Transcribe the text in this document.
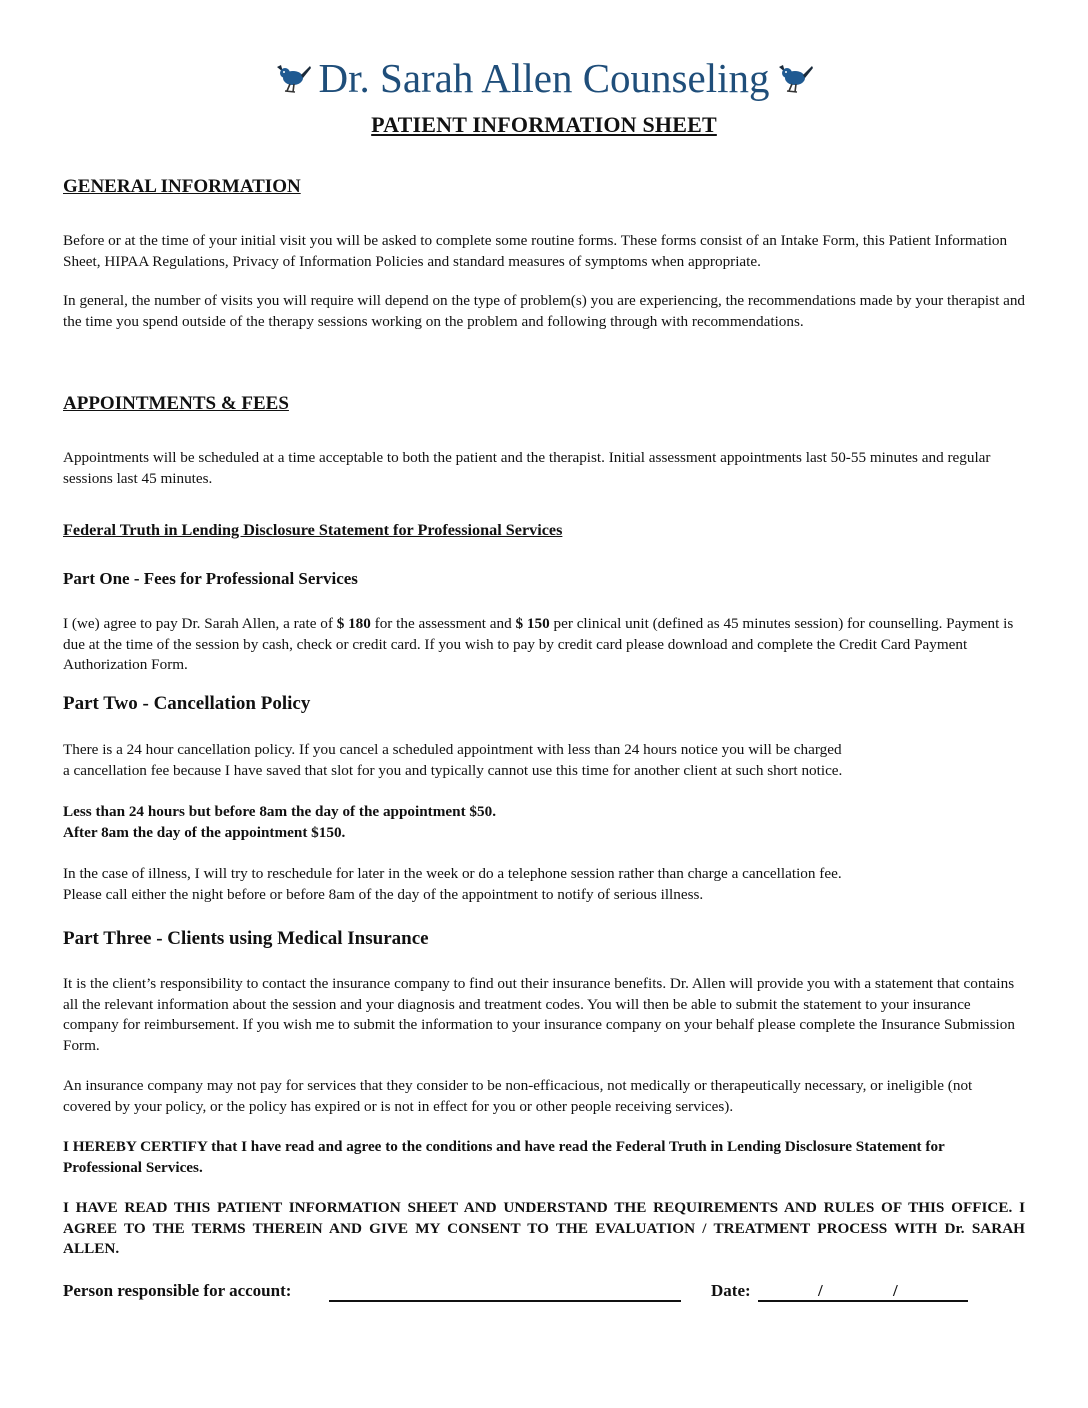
Dr. Sarah Allen Counseling
PATIENT INFORMATION SHEET
GENERAL INFORMATION
Before or at the time of your initial visit you will be asked to complete some routine forms. These forms consist of an Intake Form, this Patient Information Sheet, HIPAA Regulations, Privacy of Information Policies and standard measures of symptoms when appropriate.
In general, the number of visits you will require will depend on the type of problem(s) you are experiencing, the recommendations made by your therapist and the time you spend outside of the therapy sessions working on the problem and following through with recommendations.
APPOINTMENTS & FEES
Appointments will be scheduled at a time acceptable to both the patient and the therapist. Initial assessment appointments last 50-55 minutes and regular sessions last 45 minutes.
Federal Truth in Lending Disclosure Statement for Professional Services
Part One - Fees for Professional Services
I (we) agree to pay Dr. Sarah Allen, a rate of $ 180 for the assessment and $ 150 per clinical unit (defined as 45 minutes session) for counselling. Payment is due at the time of the session by cash, check or credit card. If you wish to pay by credit card please download and complete the Credit Card Payment Authorization Form.
Part Two - Cancellation Policy
There is a 24 hour cancellation policy. If you cancel a scheduled appointment with less than 24 hours notice you will be charged
a cancellation fee because I have saved that slot for you and typically cannot use this time for another client at such short notice.
Less than 24 hours but before 8am the day of the appointment $50.
After 8am the day of the appointment $150.
In the case of illness, I will try to reschedule for later in the week or do a telephone session rather than charge a cancellation fee.
Please call either the night before or before 8am of the day of the appointment to notify of serious illness.
Part Three - Clients using Medical Insurance
It is the client’s responsibility to contact the insurance company to find out their insurance benefits. Dr. Allen will provide you with a statement that contains all the relevant information about the session and your diagnosis and treatment codes. You will then be able to submit the statement to your insurance company for reimbursement. If you wish me to submit the information to your insurance company on your behalf please complete the Insurance Submission Form.
An insurance company may not pay for services that they consider to be non-efficacious, not medically or therapeutically necessary, or ineligible (not covered by your policy, or the policy has expired or is not in effect for you or other people receiving services).
I HEREBY CERTIFY that I have read and agree to the conditions and have read the Federal Truth in Lending Disclosure Statement for Professional Services.
I HAVE READ THIS PATIENT INFORMATION SHEET AND UNDERSTAND THE REQUIREMENTS AND RULES OF THIS OFFICE. I AGREE TO THE TERMS THEREIN AND GIVE MY CONSENT TO THE EVALUATION / TREATMENT PROCESS WITH Dr. SARAH ALLEN.
Person responsible for account:	Date:	/	/
